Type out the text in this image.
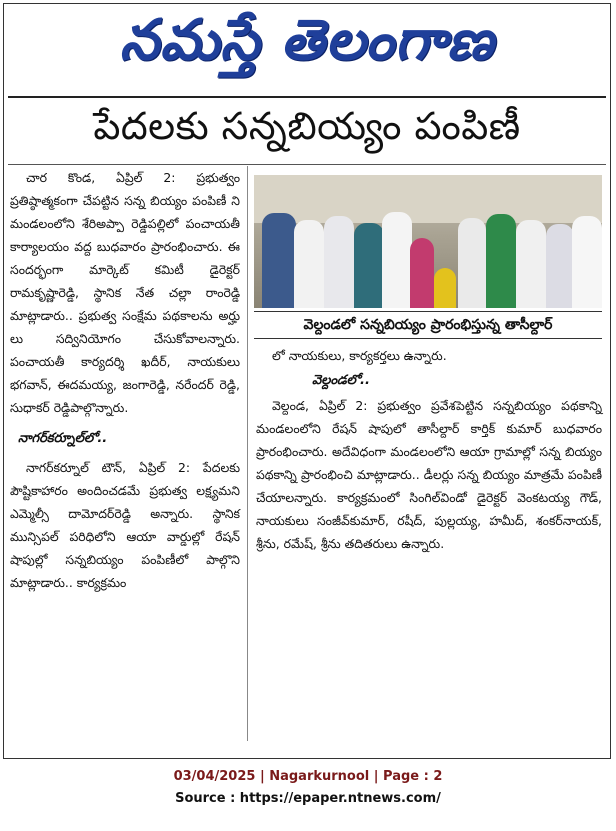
నమస్తే తెలంగాణ
పేదలకు సన్నబియ్యం పంపిణీ

చార కొండ, ఏప్రిల్ 2: ప్రభుత్వం ప్రతిష్ఠాత్మకంగా చేపట్టిన సన్న బియ్యం పంపిణీ ని మండలంలోని శేరిఅప్పా రెడ్డిపల్లిలో పంచాయతీ కార్యాలయం వద్ద బుధవారం ప్రారంభించారు. ఈ సందర్భంగా మార్కెట్ కమిటీ డైరెక్టర్ రామకృష్ణారెడ్డి, స్థానిక నేత చల్లా రాంరెడ్డి మాట్లాడారు.. ప్రభుత్వ సంక్షేమ పథకాలను అర్హు లు సద్వినియోగం చేసుకోవాలన్నారు. పంచాయతీ కార్యదర్శి ఖదీర్, నాయకులు భగవాన్, ఈదమయ్య, జంగారెడ్డి, నరేందర్ రెడ్డి, సుధాకర్ రెడ్డిపాల్గొన్నారు.

నాగర్‌కర్నూల్‌లో..

నాగర్‌కర్నూల్ టౌన్, ఏప్రిల్ 2: పేదలకు పౌష్టికాహారం అందించడమే ప్రభుత్వ లక్ష్యమని ఎమ్మెల్సీ దామోదర్‌రెడ్డి అన్నారు. స్థానిక మున్సిపల్ పరిధిలోని ఆయా వార్డుల్లో రేషన్ షాపుల్లో సన్నబియ్యం పంపిణీలో పాల్గొని మాట్లాడారు.. కార్యక్రమం

వెల్దండలో సన్నబియ్యం ప్రారంభిస్తున్న తాసీల్దార్

లో నాయకులు, కార్యకర్తలు ఉన్నారు.

వెల్దండలో..

వెల్దండ, ఏప్రిల్ 2: ప్రభుత్వం ప్రవేశపెట్టిన సన్నబియ్యం పథకాన్ని మండలంలోని రేషన్ షాపులో తాసీల్దార్ కార్తిక్ కుమార్ బుధవారం ప్రారంభించారు. అదేవిధంగా మండలంలోని ఆయా గ్రామాల్లో సన్న బియ్యం పథకాన్ని ప్రారంభించి మాట్లాడారు.. డీలర్లు సన్న బియ్యం మాత్రమే పంపిణీ చేయాలన్నారు. కార్యక్రమంలో సింగిల్‌విండో డైరెక్టర్ వెంకటయ్య గౌడ్, నాయకులు సంజీవ్‌కుమార్, రషీద్, పుల్లయ్య, హమీద్, శంకర్‌నాయక్, శ్రీను, రమేష్, శ్రీను తదితరులు ఉన్నారు.

03/04/2025 | Nagarkurnool | Page : 2
Source : https://epaper.ntnews.com/
